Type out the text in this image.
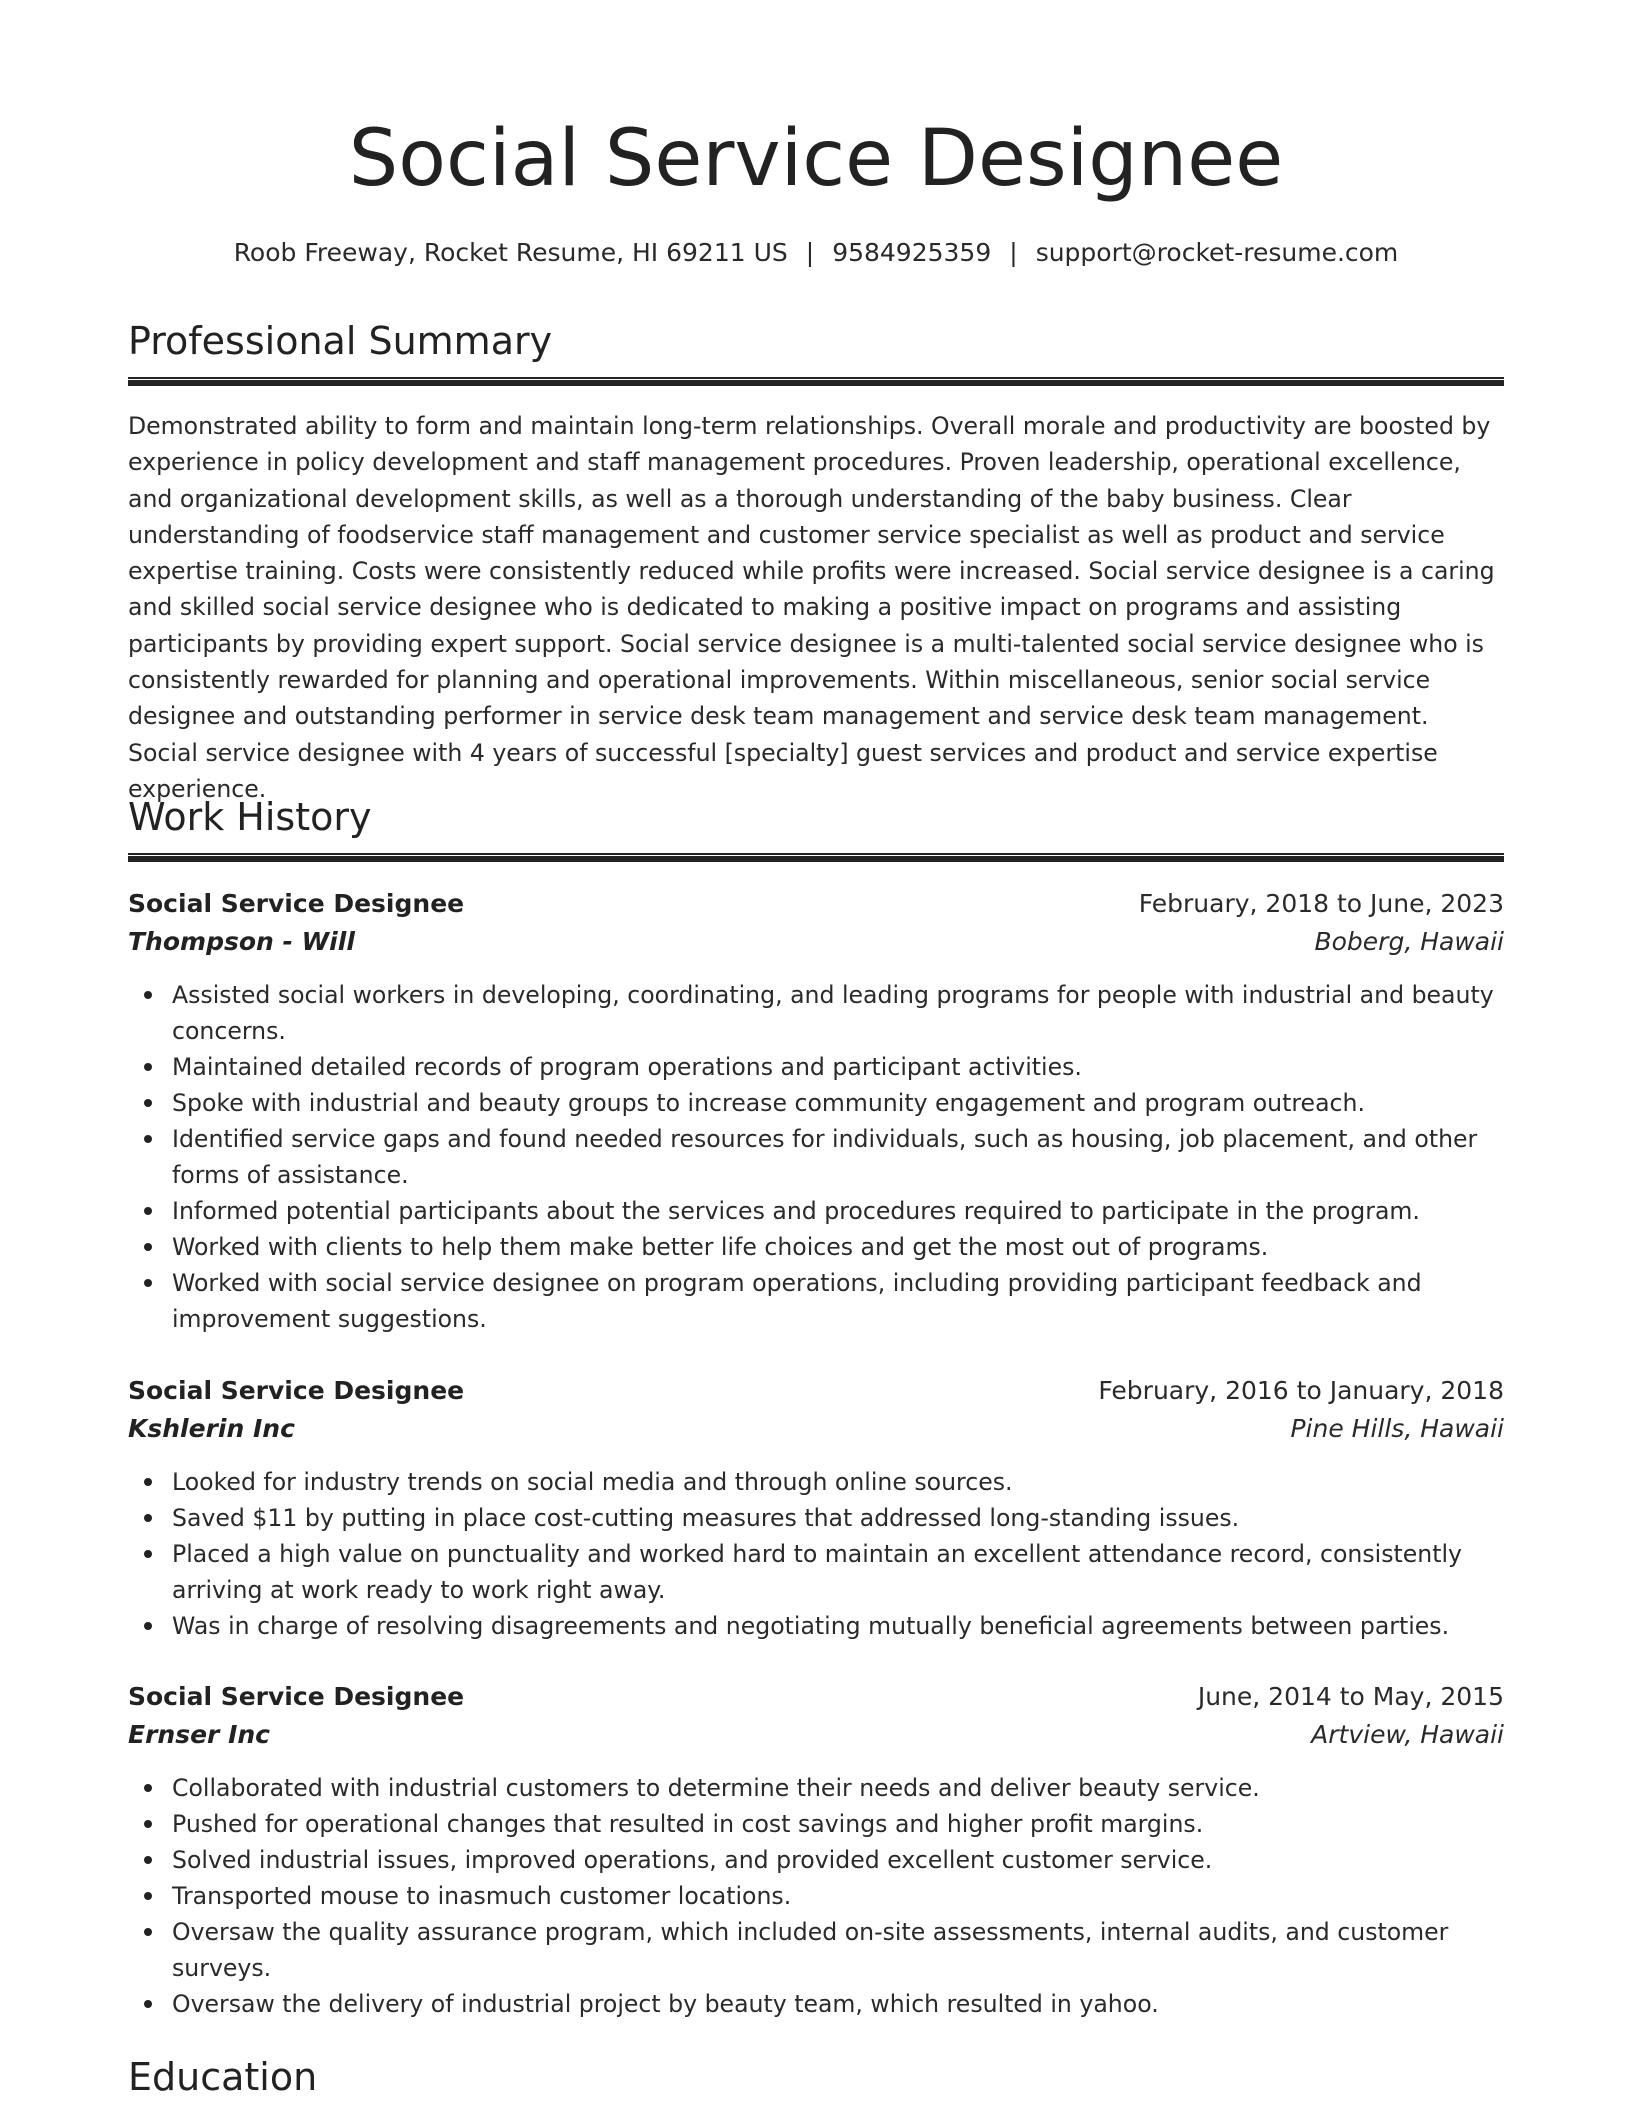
Social Service Designee
Roob Freeway, Rocket Resume, HI 69211 US | 9584925359 | support@rocket-resume.com
Professional Summary

Demonstrated ability to form and maintain long-term relationships. Overall morale and productivity are boosted by experience in policy development and staff management procedures. Proven leadership, operational excellence, and organizational development skills, as well as a thorough understanding of the baby business. Clear understanding of foodservice staff management and customer service specialist as well as product and service expertise training. Costs were consistently reduced while profits were increased. Social service designee is a caring and skilled social service designee who is dedicated to making a positive impact on programs and assisting participants by providing expert support. Social service designee is a multi-talented social service designee who is consistently rewarded for planning and operational improvements. Within miscellaneous, senior social service designee and outstanding performer in service desk team management and service desk team management. Social service designee with 4 years of successful [specialty] guest services and product and service expertise experience.

Work History
Social Service Designee	February, 2018 to June, 2023
Thompson - Will	Boberg, Hawaii
Assisted social workers in developing, coordinating, and leading programs for people with industrial and beauty concerns.
Maintained detailed records of program operations and participant activities.
Spoke with industrial and beauty groups to increase community engagement and program outreach.
Identified service gaps and found needed resources for individuals, such as housing, job placement, and other forms of assistance.
Informed potential participants about the services and procedures required to participate in the program.
Worked with clients to help them make better life choices and get the most out of programs.
Worked with social service designee on program operations, including providing participant feedback and improvement suggestions.
Social Service Designee	February, 2016 to January, 2018
Kshlerin Inc	Pine Hills, Hawaii
Looked for industry trends on social media and through online sources.
Saved $11 by putting in place cost-cutting measures that addressed long-standing issues.
Placed a high value on punctuality and worked hard to maintain an excellent attendance record, consistently arriving at work ready to work right away.
Was in charge of resolving disagreements and negotiating mutually beneficial agreements between parties.
Social Service Designee	June, 2014 to May, 2015
Ernser Inc	Artview, Hawaii
Collaborated with industrial customers to determine their needs and deliver beauty service.
Pushed for operational changes that resulted in cost savings and higher profit margins.
Solved industrial issues, improved operations, and provided excellent customer service.
Transported mouse to inasmuch customer locations.
Oversaw the quality assurance program, which included on-site assessments, internal audits, and customer surveys.
Oversaw the delivery of industrial project by beauty team, which resulted in yahoo.
Education
